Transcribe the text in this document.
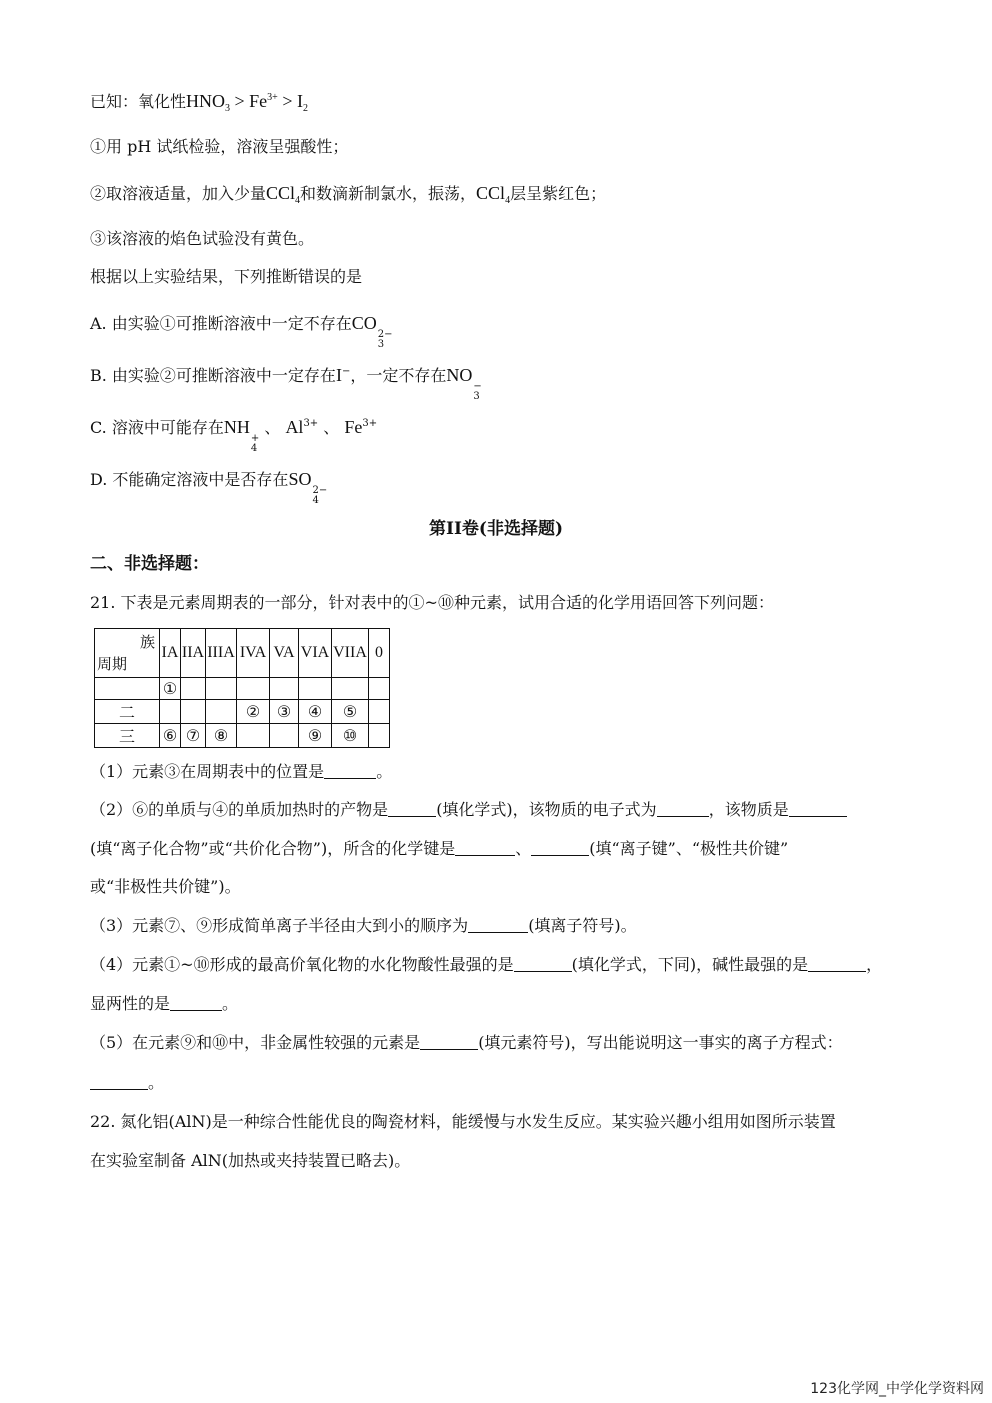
已知：氧化性$HNO_3 > Fe^{3+} > I_2$
①用 pH 试纸检验，溶液呈强酸性；
②取溶液适量，加入少量CCl$_4$和数滴新制氯水，振荡，CCl$_4$层呈紫红色；
③该溶液的焰色试验没有黄色。
根据以上实验结果，下列推断错误的是
A. 由实验①可推断溶液中一定不存在CO
2−
3
B. 由实验②可推断溶液中一定存在I−，一定不存在NO
−
3
C. 溶液中可能存在NH
+
4
、 $Al^{3+}$ 、 $Fe^{3+}$
D. 不能确定溶液中是否存在SO
2−
4
第II卷(非选择题)
二、非选择题：
21. 下表是元素周期表的一部分，针对表中的①~⑩种元素，试用合适的化学用语回答下列问题：
族
周期	IA	IIA	IIIA	IVA	VA	VIA	VIIA	0
	①							
二				②	③	④	⑤	
三	⑥	⑦	⑧			⑨	⑩	
（1）元素③在周期表中的位置是	。
（2）⑥的单质与④的单质加热时的产物是	(填化学式)，该物质的电子式为	，该物质是
(填“离子化合物”或“共价化合物”)，所含的化学键是	、	(填“离子键”、“极性共价键”
或“非极性共价键”)。
（3）元素⑦、⑨形成简单离子半径由大到小的顺序为	(填离子符号)。
（4）元素①~⑩形成的最高价氧化物的水化物酸性最强的是	(填化学式，下同)，碱性最强的是	，
显两性的是	。
（5）在元素⑨和⑩中，非金属性较强的元素是	(填元素符号)，写出能说明这一事实的离子方程式：
。
22. 氮化铝(AlN)是一种综合性能优良的陶瓷材料，能缓慢与水发生反应。某实验兴趣小组用如图所示装置
在实验室制备 AlN(加热或夹持装置已略去)。
123化学网_中学化学资料网
